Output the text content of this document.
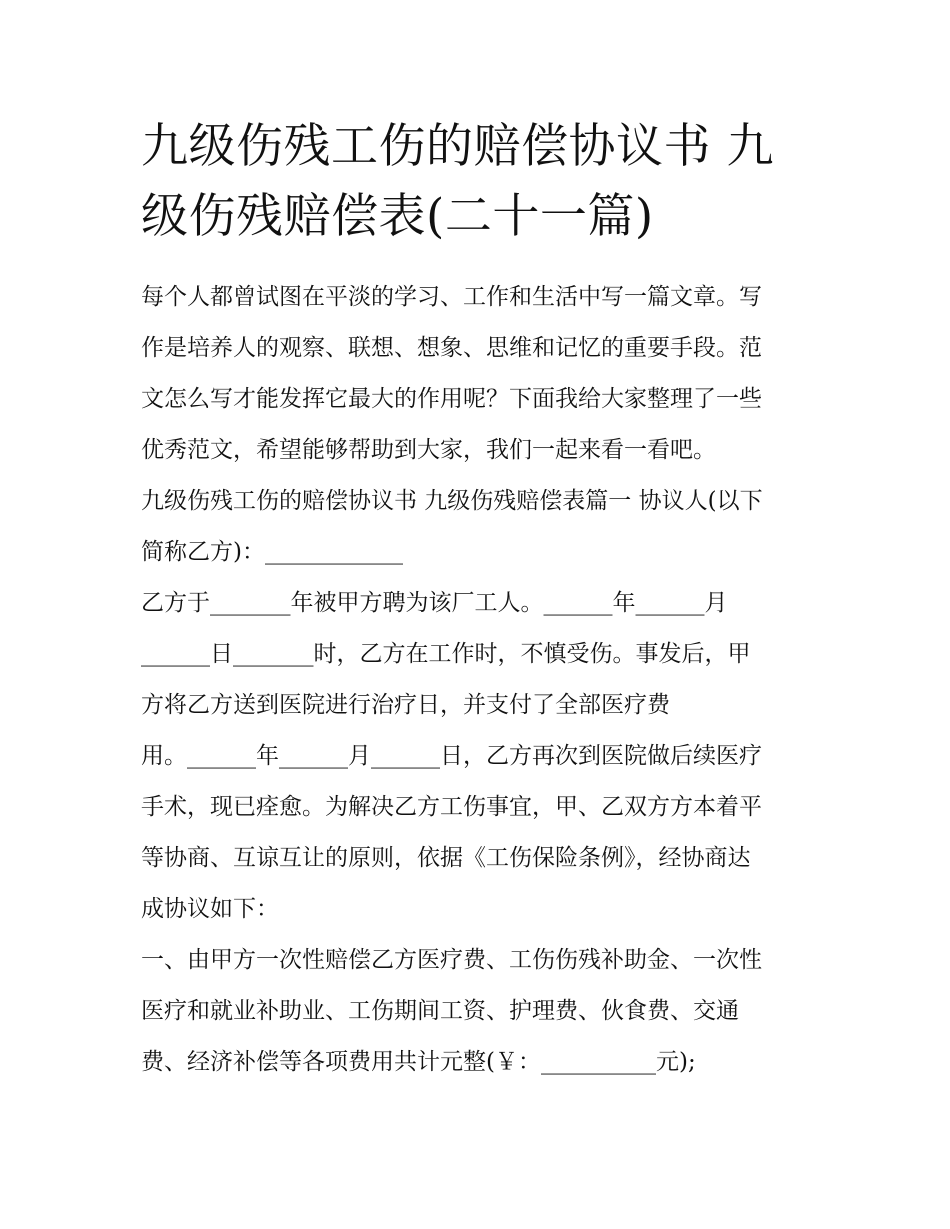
九级伤残工伤的赔偿协议书 九
级伤残赔偿表(二十一篇)
每个人都曾试图在平淡的学习、工作和生活中写一篇文章。写
作是培养人的观察、联想、想象、思维和记忆的重要手段。范
文怎么写才能发挥它最大的作用呢？下面我给大家整理了一些
优秀范文，希望能够帮助到大家，我们一起来看一看吧。
九级伤残工伤的赔偿协议书 九级伤残赔偿表篇一 协议人(以下
简称乙方)：____________
乙方于_______年被甲方聘为该厂工人。______年______月
______日_______时，乙方在工作时，不慎受伤。事发后，甲
方将乙方送到医院进行治疗日，并支付了全部医疗费
用。______年______月______日，乙方再次到医院做后续医疗
手术，现已痊愈。为解决乙方工伤事宜，甲、乙双方方本着平
等协商、互谅互让的原则，依据《工伤保险条例》，经协商达
成协议如下：
一、由甲方一次性赔偿乙方医疗费、工伤伤残补助金、一次性
医疗和就业补助业、工伤期间工资、护理费、伙食费、交通
费、经济补偿等各项费用共计元整(￥：__________元);
